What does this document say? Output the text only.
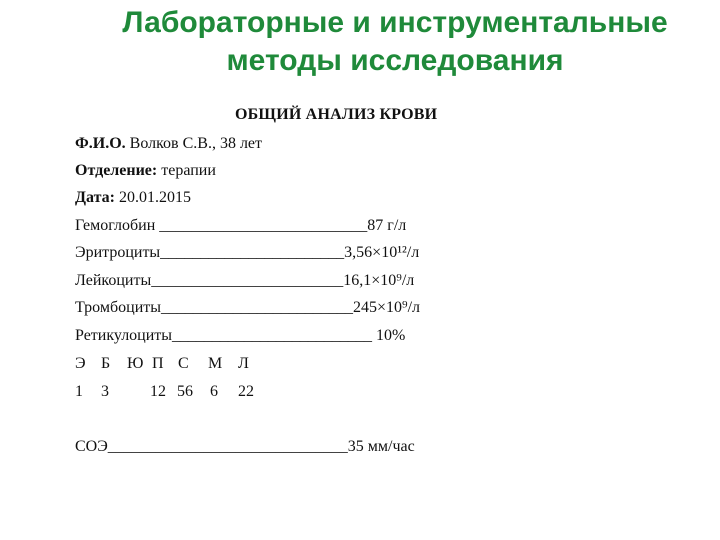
Лабораторные и инструментальные
методы исследования
ОБЩИЙ АНАЛИЗ КРОВИ
Ф.И.О. Волков С.В., 38 лет
Отделение: терапии
Дата: 20.01.2015
Гемоглобин __________________________87 г/л
Эритроциты_______________________3,56×10¹²/л
Лейкоциты________________________16,1×10⁹/л
Тромбоциты________________________245×10⁹/л
Ретикулоциты_________________________ 10%
Э Б Ю П С М Л
1 3	12 56 6 22
СОЭ______________________________35 мм/час
